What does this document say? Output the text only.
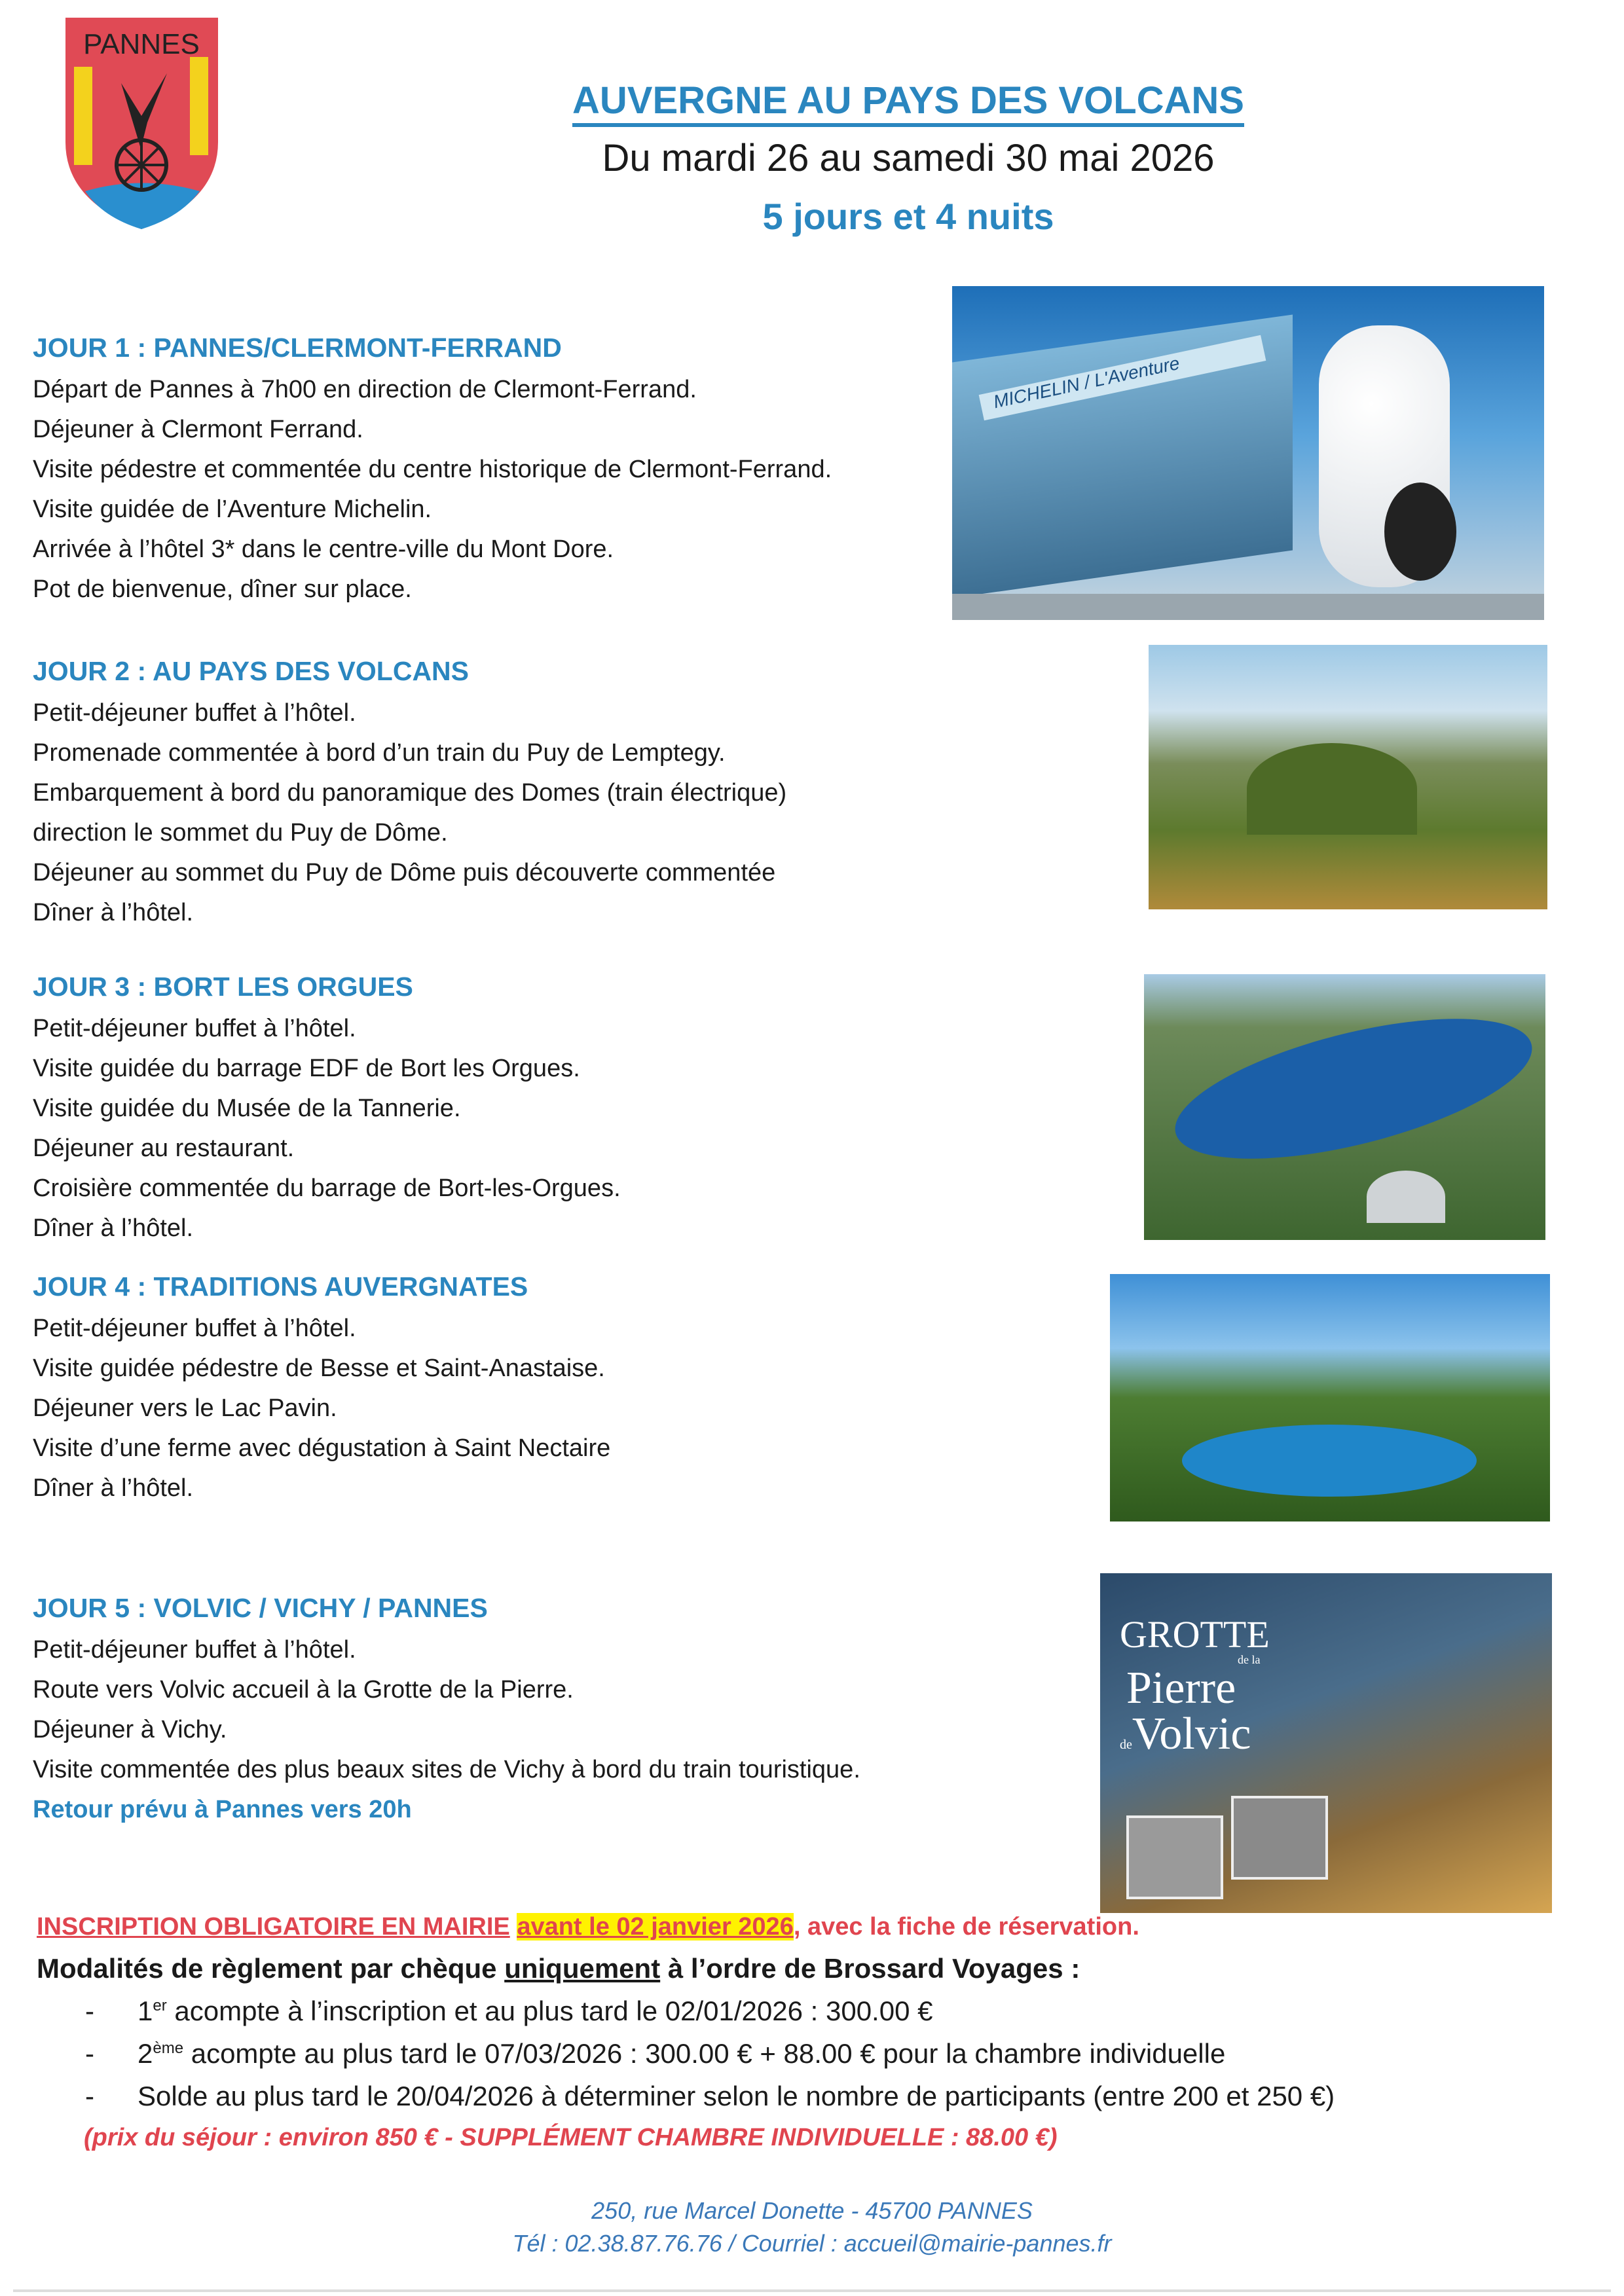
PANNES
AUVERGNE AU PAYS DES VOLCANS
Du mardi 26 au samedi 30 mai 2026
5 jours et 4 nuits
JOUR 1 : PANNES/CLERMONT-FERRAND
Départ de Pannes à 7h00 en direction de Clermont-Ferrand.
Déjeuner à Clermont Ferrand.
Visite pédestre et commentée du centre historique de Clermont-Ferrand.
Visite guidée de l’Aventure Michelin.
Arrivée à l’hôtel 3* dans le centre-ville du Mont Dore.
Pot de bienvenue, dîner sur place.
JOUR 2 : AU PAYS DES VOLCANS
Petit-déjeuner buffet à l’hôtel.
Promenade commentée à bord d’un train du Puy de Lemptegy.
Embarquement à bord du panoramique des Domes (train électrique)
direction le sommet du Puy de Dôme.
Déjeuner au sommet du Puy de Dôme puis découverte commentée
Dîner à l’hôtel.
JOUR 3 : BORT LES ORGUES
Petit-déjeuner buffet à l’hôtel.
Visite guidée du barrage EDF de Bort les Orgues.
Visite guidée du Musée de la Tannerie.
Déjeuner au restaurant.
Croisière commentée du barrage de Bort-les-Orgues.
Dîner à l’hôtel.
JOUR 4 : TRADITIONS AUVERGNATES
Petit-déjeuner buffet à l’hôtel.
Visite guidée pédestre de Besse et Saint-Anastaise.
Déjeuner vers le Lac Pavin.
Visite d’une ferme avec dégustation à Saint Nectaire
Dîner à l’hôtel.
JOUR 5 : VOLVIC / VICHY / PANNES
Petit-déjeuner buffet à l’hôtel.
Route vers Volvic accueil à la Grotte de la Pierre.
Déjeuner à Vichy.
Visite commentée des plus beaux sites de Vichy à bord du train touristique.
Retour prévu à Pannes vers 20h
MICHELIN / L'Aventure
GROTTE
de la
Pierre
deVolvic
INSCRIPTION OBLIGATOIRE EN MAIRIE avant le 02 janvier 2026, avec la fiche de réservation.
Modalités de règlement par chèque uniquement à l’ordre de Brossard Voyages :
- 1er acompte à l’inscription et au plus tard le 02/01/2026 : 300.00 €
- 2ème acompte au plus tard le 07/03/2026 : 300.00 € + 88.00 € pour la chambre individuelle
- Solde au plus tard le 20/04/2026 à déterminer selon le nombre de participants (entre 200 et 250 €)
(prix du séjour : environ 850 € - SUPPLÉMENT CHAMBRE INDIVIDUELLE : 88.00 €)
250, rue Marcel Donette - 45700 PANNES
Tél : 02.38.87.76.76 / Courriel : accueil@mairie-pannes.fr
